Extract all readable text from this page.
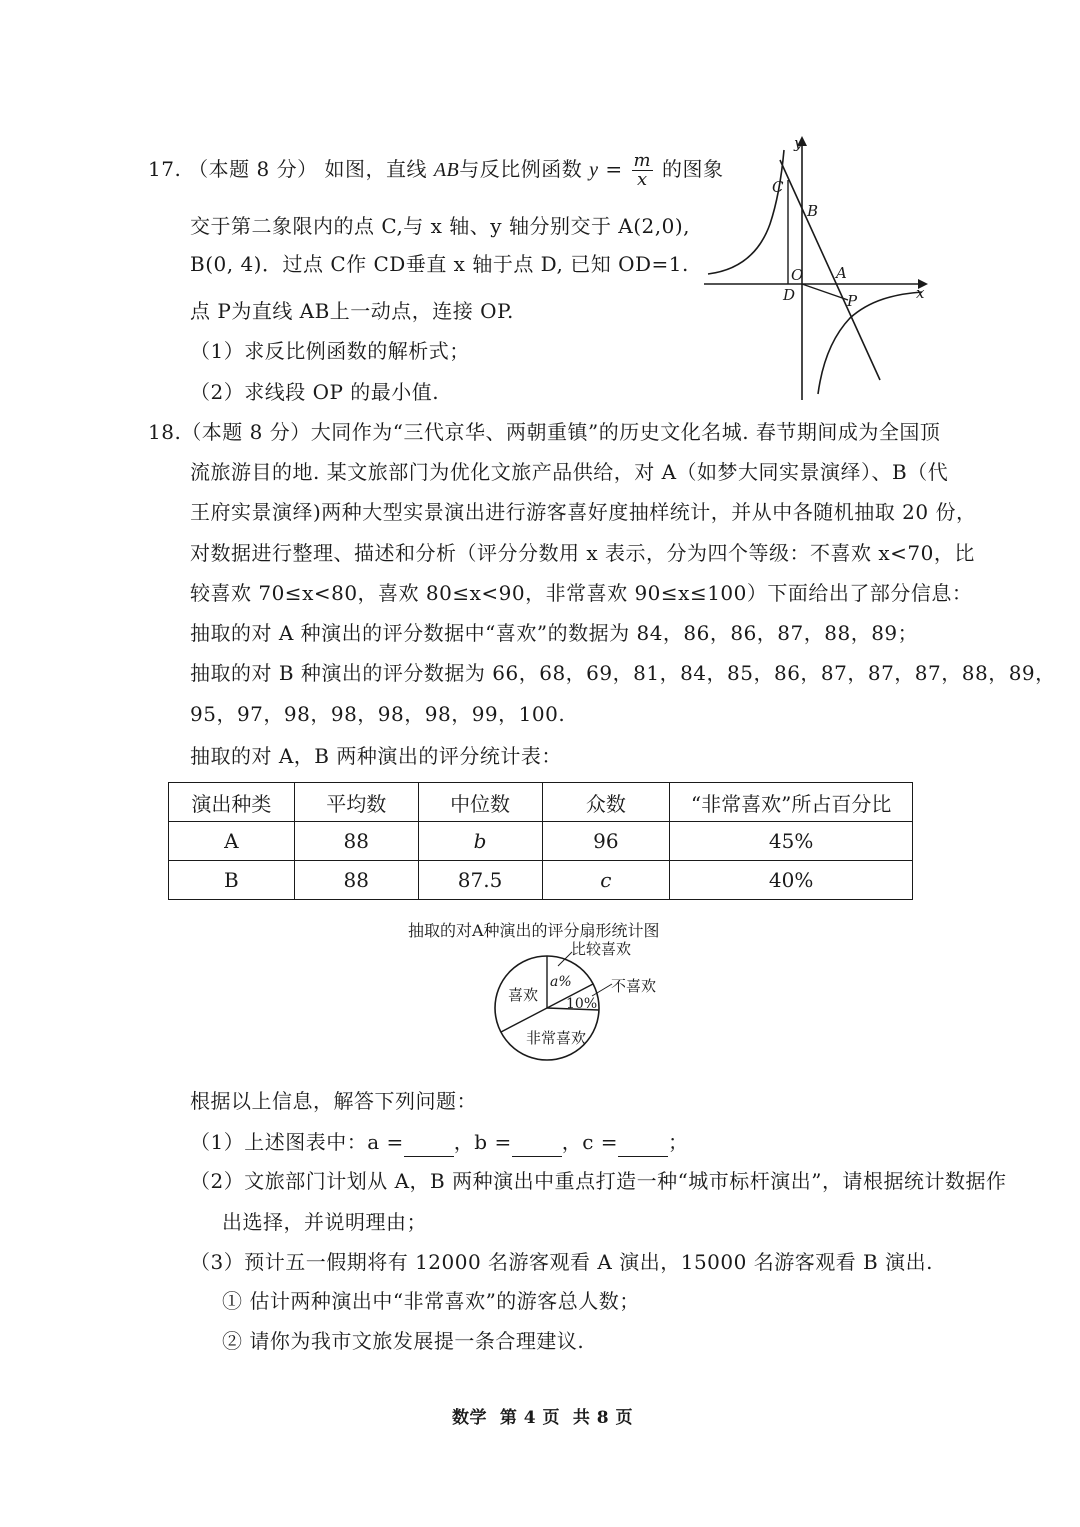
17. （本题 8 分） 如图，直线 AB与反比例函数 $y = \frac{m}{x}$ 的图象
交于第二象限内的点 C,与 x 轴、y 轴分别交于 A(2,0),
B(0, 4)．过点 C作 CD垂直 x 轴于点 D, 已知 OD=1.
点 P为直线 AB上一动点，连接 OP.
（1）求反比例函数的解析式；
（2）求线段 OP 的最小值.
y
x
C
B
O A
D	P
18.（本题 8 分）大同作为“三代京华、两朝重镇”的历史文化名城. 春节期间成为全国顶
流旅游目的地. 某文旅部门为优化文旅产品供给，对 A（如梦大同实景演绎）、B（代
王府实景演绎)两种大型实景演出进行游客喜好度抽样统计，并从中各随机抽取 20 份，
对数据进行整理、描述和分析（评分分数用 x 表示，分为四个等级：不喜欢 x<70，比
较喜欢 70≤x<80，喜欢 80≤x<90，非常喜欢 90≤x≤100）下面给出了部分信息：
抽取的对 A 种演出的评分数据中“喜欢”的数据为 84，86，86，87，88，89；
抽取的对 B 种演出的评分数据为 66，68，69，81，84，85，86，87，87，87，88，89，
95，97，98，98，98，98，99，100.
抽取的对 A，B 两种演出的评分统计表：
演出种类	平均数	中位数	众数	“非常喜欢”所占百分比
A	88	b	96	45%
B	88	87.5	c	40%
抽取的对A种演出的评分扇形统计图
比较喜欢
a%	不喜欢
10%
喜欢
非常喜欢
根据以上信息，解答下列问题：
（1）上述图表中：a =	，b =	，c =	；
（2）文旅部门计划从 A，B 两种演出中重点打造一种“城市标杆演出”，请根据统计数据作
出选择，并说明理由；
（3）预计五一假期将有 12000 名游客观看 A 演出，15000 名游客观看 B 演出.
① 估计两种演出中“非常喜欢”的游客总人数；
② 请你为我市文旅发展提一条合理建议.
数学  第 4 页  共 8 页
